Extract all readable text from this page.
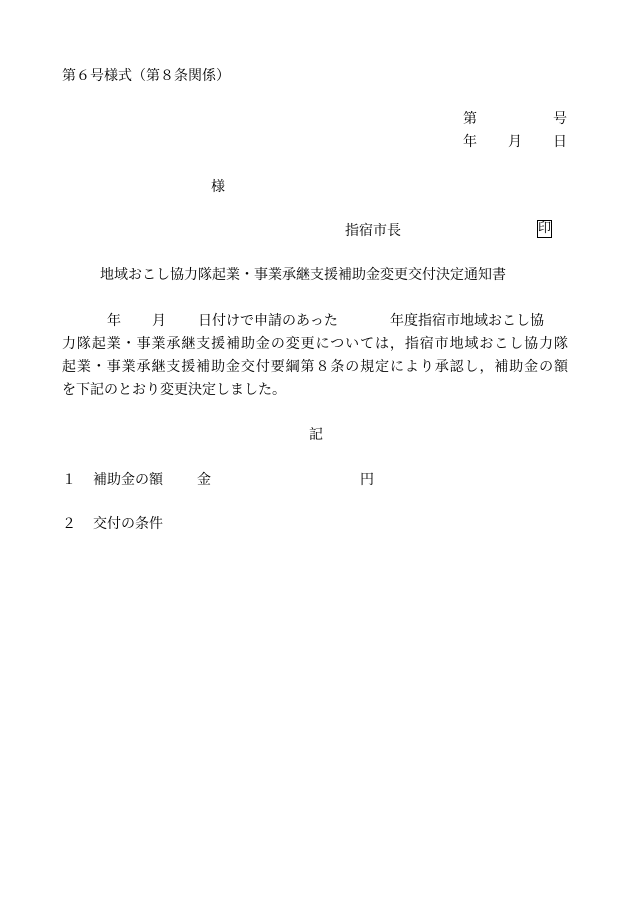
第６号様式（第８条関係）
第	号
年 月 日
様
指宿市長	印
地域おこし協力隊起業・事業承継支援補助金変更交付決定通知書
年 月 日付けで申請のあった	年度指宿市地域おこし協
力隊起業・事業承継支援補助金の変更については，指宿市地域おこし協力隊
起業・事業承継支援補助金交付要綱第８条の規定により承認し，補助金の額
を下記のとおり変更決定しました。
記
１ 補助金の額 金	円
２ 交付の条件
